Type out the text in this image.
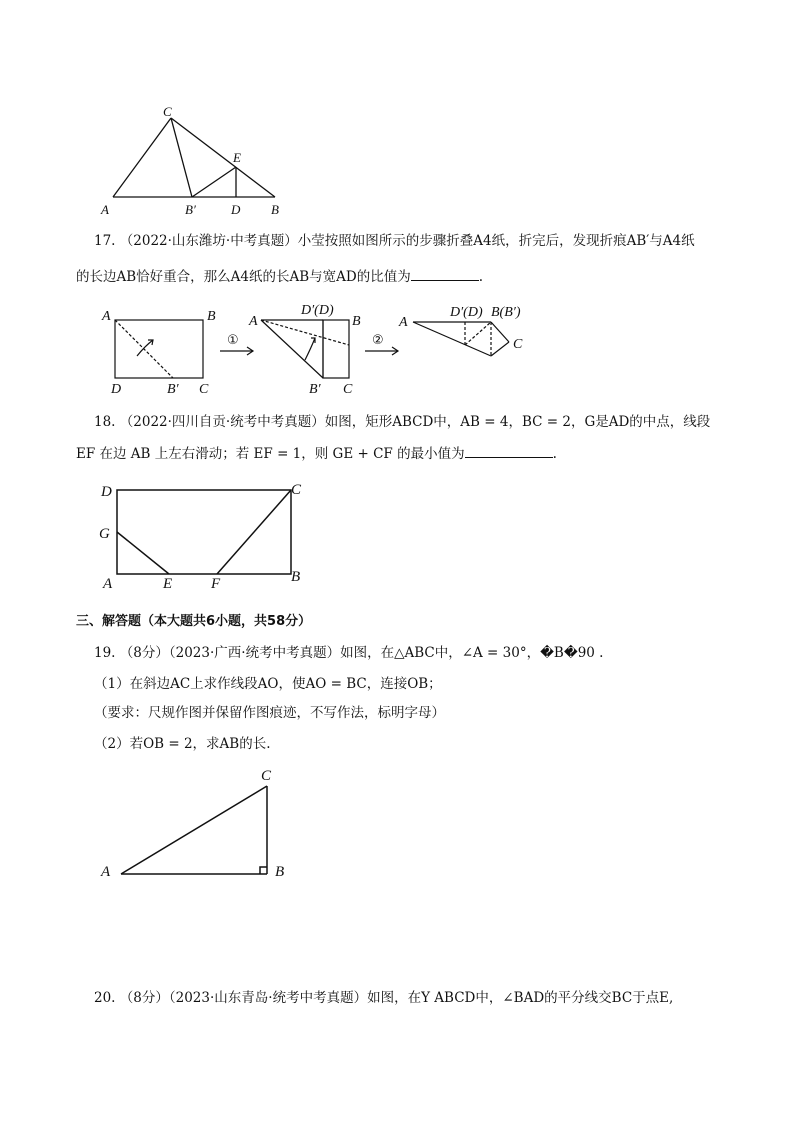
C
E
A	B′	D B
17. （2022·山东潍坊·中考真题）小莹按照如图所示的步骤折叠A4纸，折完后，发现折痕AB′与A4纸
的长边AB恰好重合，那么A4纸的长AB与宽AD的比值为	.
A	B
D	B′ C
①
A
D′(D)
B
B′ C
②
A
D′(D) B(B′)
C
18. （2022·四川自贡·统考中考真题）如图，矩形ABCD中，AB = 4，BC = 2，G是AD的中点，线段
EF 在边 AB 上左右滑动；若 EF = 1，则 GE + CF 的最小值为	.
D	C
G
A	E	F	B
三、解答题（本大题共6小题，共58分）
19. （8分）（2023·广西·统考中考真题）如图，在△ABC中，∠A = 30°，�B�90 .
（1）在斜边AC上求作线段AO，使AO = BC，连接OB；
（要求：尺规作图并保留作图痕迹，不写作法，标明字母）
（2）若OB = 2，求AB的长.
C
A	B
20. （8分）（2023·山东青岛·统考中考真题）如图，在Y ABCD中，∠BAD的平分线交BC于点E,
